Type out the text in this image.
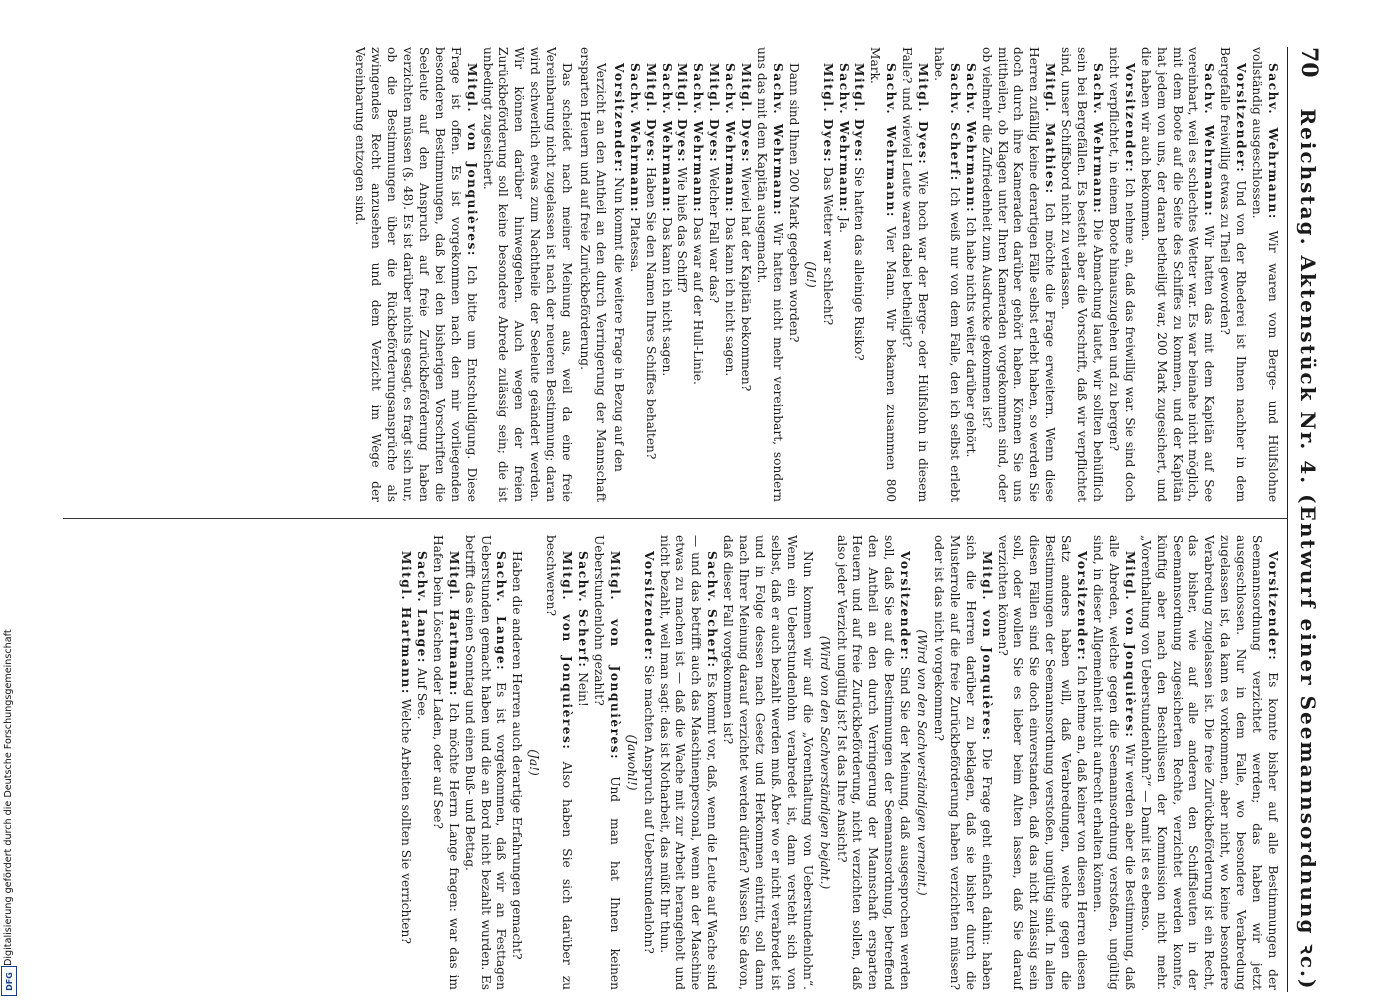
70
Reichstag. Aktenstück Nr. 4. (Entwurf einer Seemannsordnung ꝛc.)

Sachv. Wehrmann: Wir waren vom Berge- und Hülfslohne vollständig ausgeschlossen.

Vorsitzender: Und von der Rhederei ist Ihnen nachher in dem Bergefalle freiwillig etwas zu Theil geworden?

Sachv. Wehrmann: Wir hatten das mit dem Kapitän auf See vereinbart, weil es schlechtes Wetter war. Es war beinahe nicht möglich, mit dem Boote auf die Seite des Schiffes zu kommen, und der Kapitän hat jedem von uns, der daran betheiligt war, 200 Mark zugesichert, und die haben wir auch bekommen.

Vorsitzender: Ich nehme an, daß das freiwillig war. Sie sind doch nicht verpflichtet, in einem Boote hinauszugehen und zu bergen?

Sachv. Wehrmann: Die Abmachung lautet, wir sollten behülflich sein bei Bergefällen. Es besteht aber die Vorschrift, daß wir verpflichtet sind, unser Schiffsbord nicht zu verlassen.

Mitgl. Mathies: Ich möchte die Frage erweitern. Wenn diese Herren zufällig keine derartigen Fälle selbst erlebt haben, so werden Sie doch durch ihre Kameraden darüber gehört haben. Können Sie uns mittheilen, ob Klagen unter Ihren Kameraden vorgekommen sind, oder ob vielmehr die Zufriedenheit zum Ausdrucke gekommen ist?

Sachv. Wehrmann: Ich habe nichts weiter darüber gehört.

Sachv. Scherf: Ich weiß nur von dem Falle, den ich selbst erlebt habe.

Mitgl. Dyes: Wie hoch war der Berge- oder Hülfslohn in diesem Falle? und wieviel Leute waren dabei betheiligt?

Sachv. Wehrmann: Vier Mann. Wir bekamen zusammen 800 Mark.

Mitgl. Dyes: Sie hatten das alleinige Risiko?

Sachv. Wehrmann: Ja.

Mitgl. Dyes: Das Wetter war schlecht?

(Ja!)

Dann sind Ihnen 200 Mark gegeben worden?

Sachv. Wehrmann: Wir hatten nicht mehr vereinbart, sondern uns das mit dem Kapitän ausgemacht.

Mitgl. Dyes: Wieviel hat der Kapitän bekommen?

Sachv. Wehrmann: Das kann ich nicht sagen.

Mitgl. Dyes: Welcher Fall war das?

Sachv. Wehrmann: Das war auf der Hull-Linie.

Mitgl. Dyes: Wie hieß das Schiff?

Sachv. Wehrmann: Das kann ich nicht sagen.

Mitgl. Dyes: Haben Sie den Namen Ihres Schiffes behalten?

Sachv. Wehrmann: Platessa.

Vorsitzender: Nun kommt die weitere Frage in Bezug auf den

Verzicht an den Antheil an den durch Verringerung der Mannschaft ersparten Heuern und auf freie Zurückbeförderung.

Das scheidet nach meiner Meinung aus, weil da eine freie Vereinbarung nicht zugelassen ist nach der neueren Bestimmung; daran wird schwerlich etwas zum Nachtheile der Seeleute geändert werden. Wir können darüber hinweggehen. Auch wegen der freien Zurückbeförderung soll keine besondere Abrede zulässig sein; die ist unbedingt zugesichert.

Mitgl. von Jonquières: Ich bitte um Entschuldigung. Diese Frage ist offen. Es ist vorgekommen nach den mir vorliegenden besonderen Bestimmungen, daß bei den bisherigen Vorschriften die Seeleute auf den Anspruch auf freie Zurückbeförderung haben verzichten müssen (§. 48). Es ist darüber nichts gesagt, es fragt sich nur, ob die Bestimmungen über die Rückbeförderungsansprüche als zwingendes Recht anzusehen und dem Verzicht im Wege der Vereinbarung entzogen sind.

Vorsitzender: Es konnte bisher auf alle Bestimmungen der Seemannsordnung verzichtet werden; das haben wir jetzt ausgeschlossen. Nur in dem Falle, wo besondere Verabredung zugelassen ist, da kann es vorkommen, aber nicht, wo keine besondere Verabredung zugelassen ist. Die freie Zurückbeförderung ist ein Recht, das bisher, wie auf alle anderen den Schiffsleuten in der Seemannsordnung zugesicherten Rechte, verzichtet werden konnte, künftig aber nach den Beschlüssen der Kommission nicht mehr. „Vorenthaltung von Ueberstundenlohn?“ — Damit ist es ebenso.

Mitgl. von Jonquières: Wir werden aber die Bestimmung, daß alle Abreden, welche gegen die Seemannsordnung verstoßen, ungültig sind, in dieser Allgemeinheit nicht aufrecht erhalten können.

Vorsitzender: Ich nehme an, daß keiner von diesen Herren diesen Satz anders haben will, daß Verabredungen, welche gegen die Bestimmungen der Seemannsordnung verstoßen, ungültig sind. In allen diesen Fällen sind Sie doch einverstanden, daß das nicht zulässig sein soll, oder wollen Sie es lieber beim Alten lassen, daß Sie darauf verzichten können?

Mitgl. von Jonquières: Die Frage geht einfach dahin: haben sich die Herren darüber zu beklagen, daß sie bisher durch die Musterrolle auf die freie Zurückbeförderung haben verzichten müssen? oder ist das nicht vorgekommen?

(Wird von den Sachverständigen verneint.)

Vorsitzender: Sind Sie der Meinung, daß ausgesprochen werden soll, daß Sie auf die Bestimmungen der Seemannsordnung, betreffend den Antheil an den durch Verringerung der Mannschaft ersparten Heuern und auf freie Zurückbeförderung, nicht verzichten sollen, daß also jeder Verzicht ungültig ist? Ist das Ihre Ansicht?

(Wird von den Sachverständigen bejaht.)

Nun kommen wir auf die „Vorenthaltung von Ueberstundenlohn“. Wenn ein Ueberstundenlohn verabredet ist, dann versteht sich von selbst, daß er auch bezahlt werden muß. Aber wo er nicht verabredet ist und in Folge dessen nach Gesetz und Herkommen eintritt, soll dann nach Ihrer Meinung darauf verzichtet werden dürfen? Wissen Sie davon, daß dieser Fall vorgekommen ist?

Sachv. Scherf: Es kommt vor, daß, wenn die Leute auf Wache sind — und das betrifft auch das Maschinenpersonal, wenn an der Maschine etwas zu machen ist — daß die Wache mit zur Arbeit herangeholt und nicht bezahlt, weil man sagt: das ist Notharbeit, das müßt Ihr thun.

Vorsitzender: Sie machten Anspruch auf Ueberstundenlohn?

(Jawohl!)

Mitgl. von Jonquières: Und man hat Ihnen keinen Ueberstundenlohn gezahlt?

Sachv. Scherf: Nein!

Mitgl. von Jonquières: Also haben Sie sich darüber zu beschweren?

(Ja!)

Haben die anderen Herren auch derartige Erfahrungen gemacht?

Sachv. Lange: Es ist vorgekommen, daß wir an Festtagen Ueberstunden gemacht haben und die an Bord nicht bezahlt wurden. Es betrifft das einen Sonntag und einen Buß- und Bettag.

Mitgl. Hartmann: Ich möchte Herrn Lange fragen: war das im Hafen beim Löschen oder Laden, oder auf See?

Sachv. Lange: Auf See.

Mitgl. Hartmann: Welche Arbeiten sollten Sie verrichten?

Digitalisierung gefördert durch die Deutsche Forschungsgemeinschaft
DFG
